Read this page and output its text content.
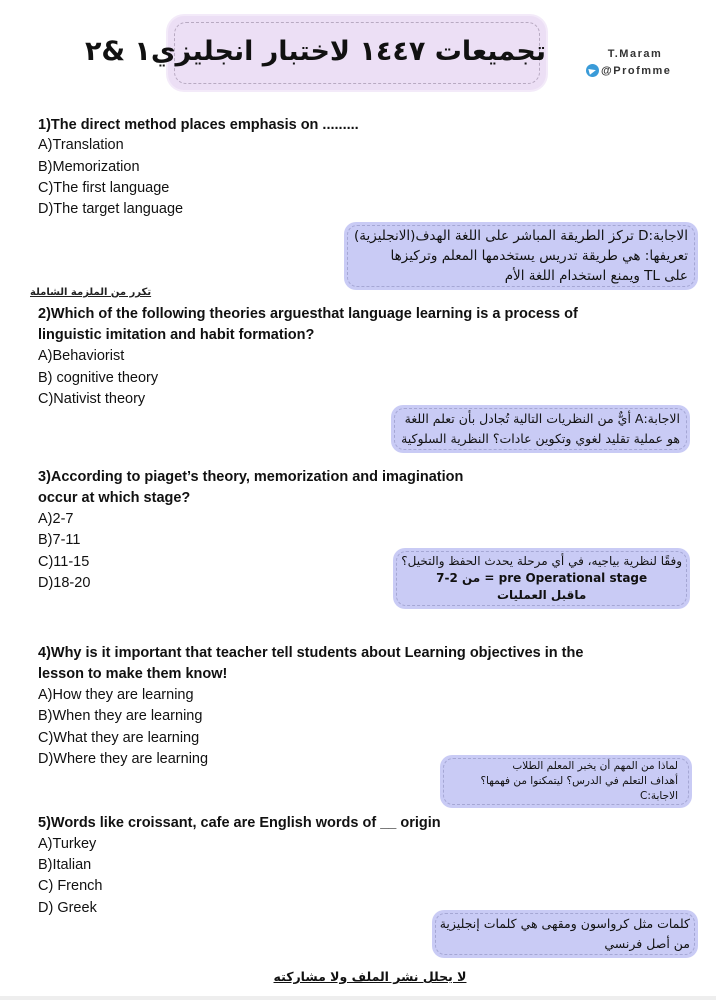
تجميعات ١٤٤٧ لاختبار انجليزي١ &٢	T.Maram
@Profmme
1)The direct method places emphasis on .........
A)Translation
B)Memorization
C)The first language
D)The target language
الاجابة:D تركز الطريقة المباشر على اللغة الهدف(الانجليزية)
تعريفها: هي طريقة تدريس يستخدمها المعلم وتركيزها
على TL ويمنع استخدام اللغة الأم
تكرر من الملزمة الشاملة
2)Which of the following theories arguesthat language learning is a process of
linguistic imitation and habit formation?
A)Behaviorist
B) cognitive theory
C)Nativist theory
الاجابة:A أيٌّ من النظريات التالية تُجادل بأن تعلم اللغة
هو عملية تقليد لغوي وتكوين عادات؟ النظرية السلوكية
3)According to piaget’s theory, memorization and imagination
occur at which stage?
A)2-7
B)7-11
C)11-15
D)18-20
وفقًا لنظرية بياجيه، في أي مرحلة يحدث الحفظ والتخيل؟
pre Operational stage = من 2-7
ماقبل العمليات
4)Why is it important that teacher tell students about Learning objectives in the
lesson to make them know!
A)How they are learning
B)When they are learning
C)What they are learning
D)Where they are learning	لماذا من المهم أن يخبر المعلم الطلاب
أهداف التعلم في الدرس؟ ليتمكنوا من فهمها؟
الاجابة:C
5)Words like croissant, cafe are English words of __ origin
A)Turkey
B)Italian
C) French
D) Greek
كلمات مثل كرواسون ومقهى هي كلمات إنجليزية
من أصل فرنسي
لا يحلل نشر الملف ولا مشاركته
